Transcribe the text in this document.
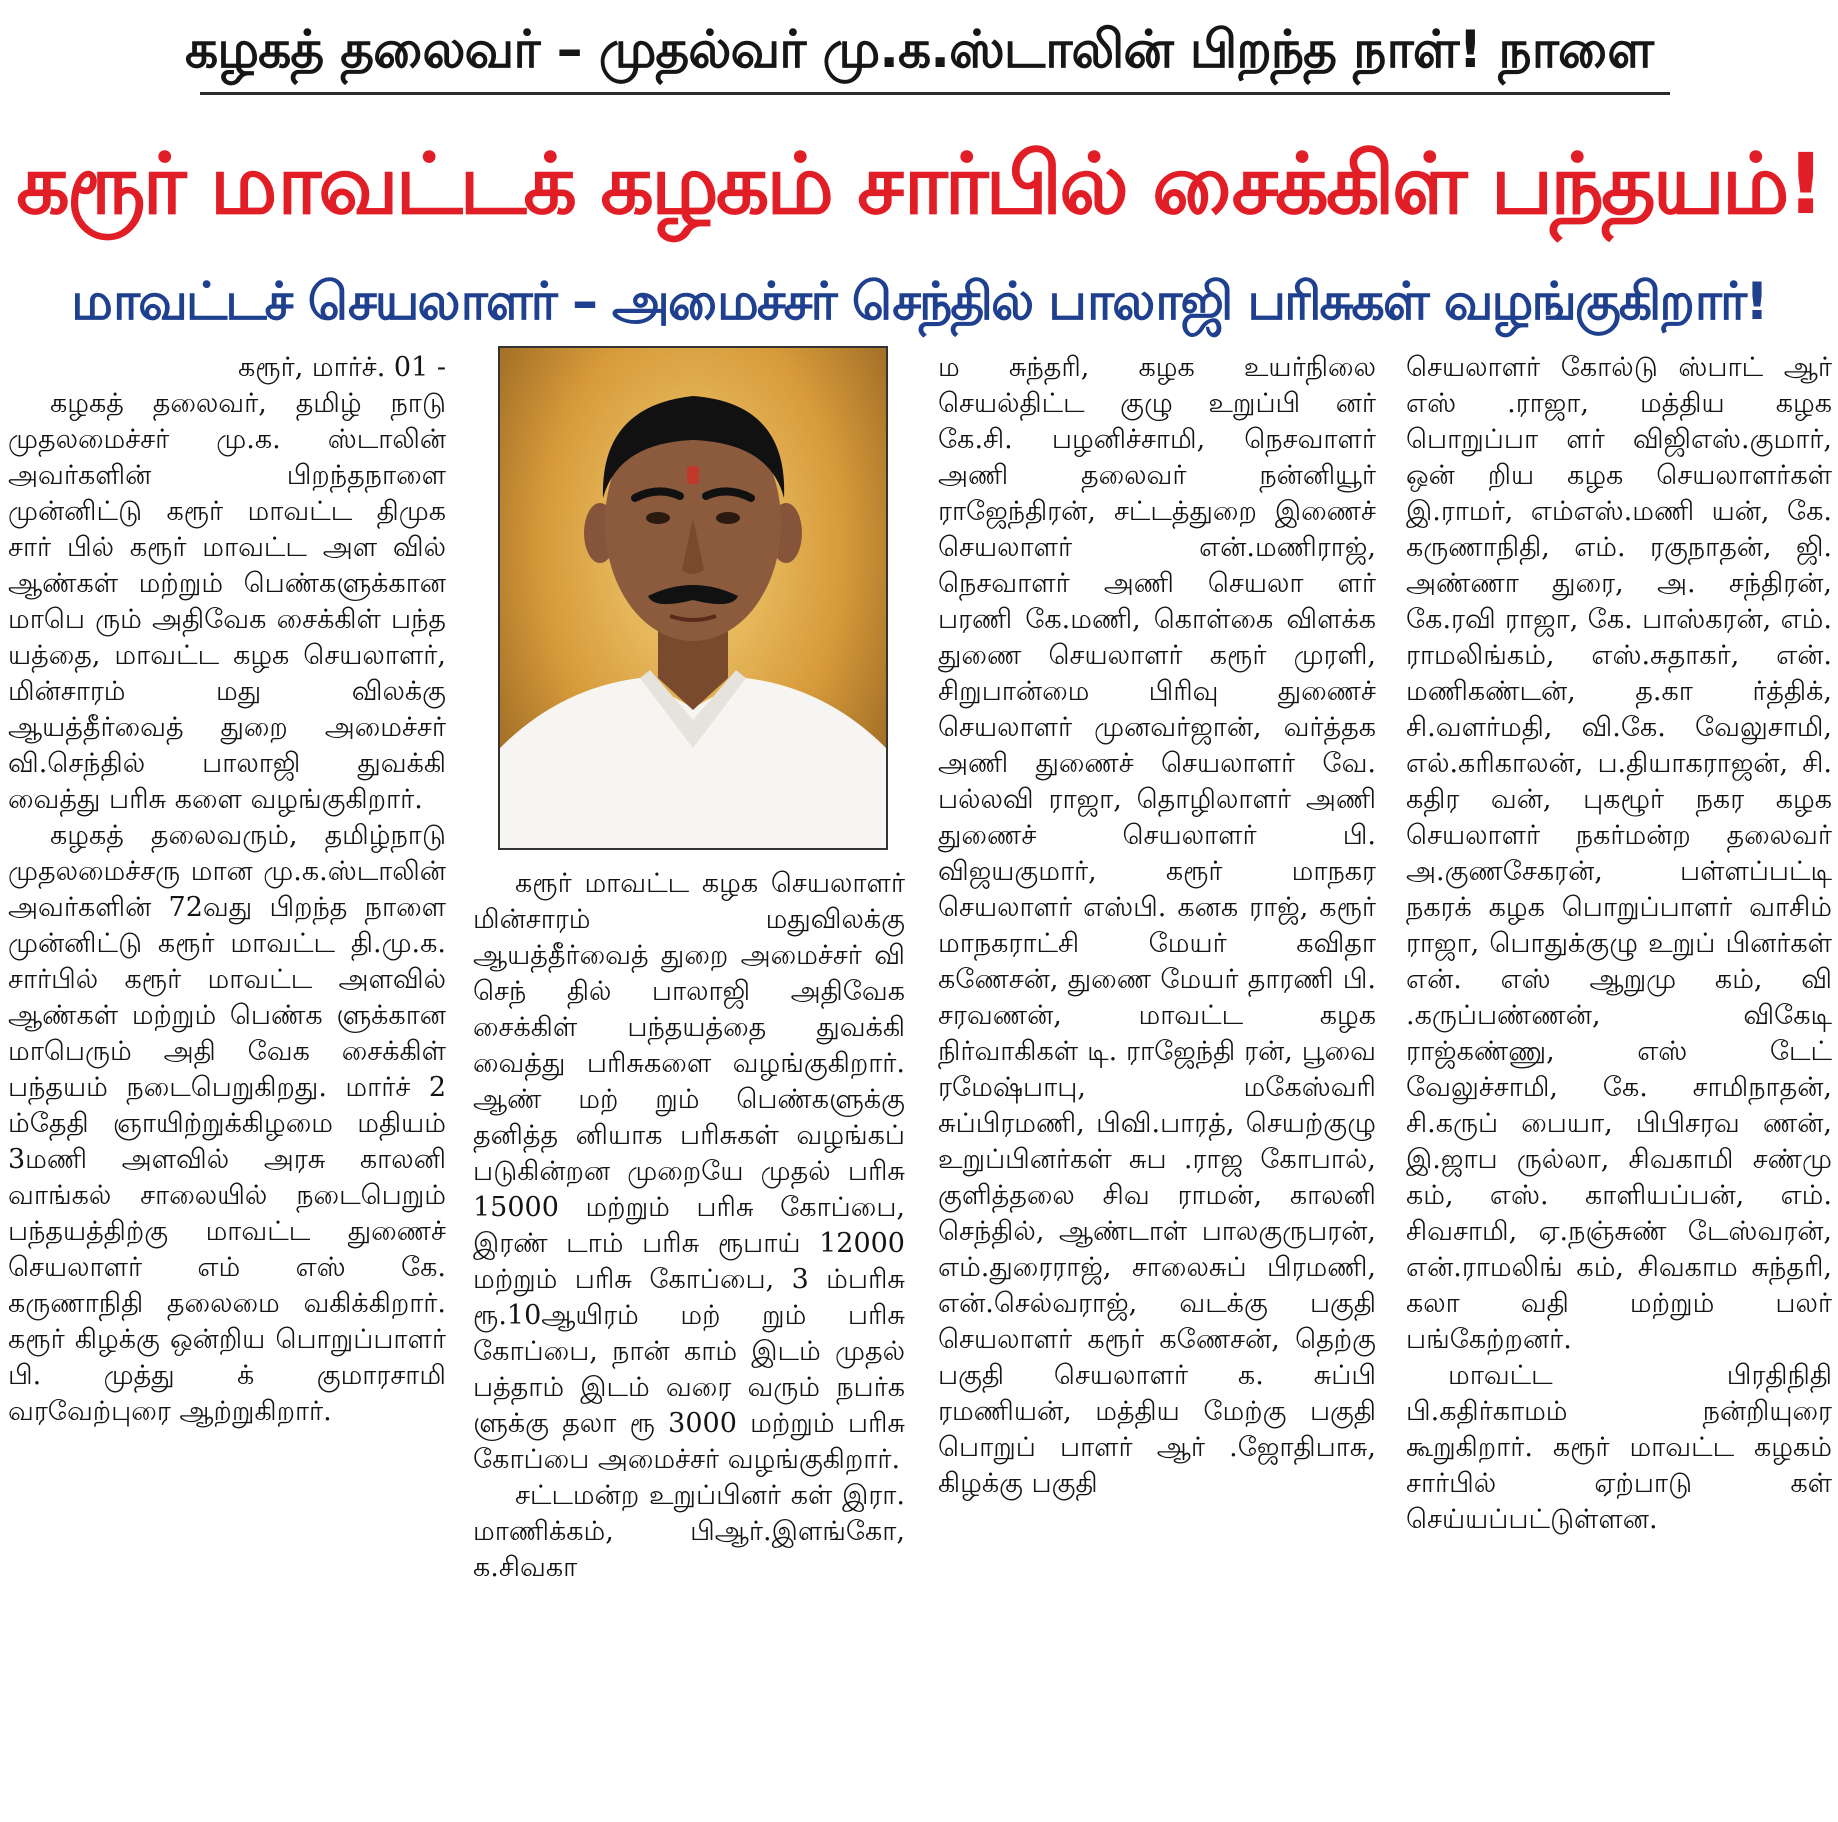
கழகத் தலைவர் – முதல்வர் மு.க.ஸ்டாலின் பிறந்த நாள்! நாளை
கரூர் மாவட்டக் கழகம் சார்பில் சைக்கிள் பந்தயம்!
மாவட்டச் செயலாளர் – அமைச்சர் செந்தில் பாலாஜி பரிசுகள் வழங்குகிறார்!

கரூர், மார்ச். 01 -

கழகத் தலைவர், தமிழ் நாடு முதலமைச்சர் மு.க. ஸ்டாலின் அவர்களின் பிறந்தநாளை முன்னிட்டு கரூர் மாவட்ட திமுக சார் பில் கரூர் மாவட்ட அள வில் ஆண்கள் மற்றும் பெண்களுக்கான மாபெ ரும் அதிவேக சைக்கிள் பந்த யத்தை, மாவட்ட கழக செயலாளர், மின்சாரம் மது விலக்கு ஆயத்தீர்வைத் துறை அமைச்சர் வி.செந்தில் பாலாஜி துவக்கி வைத்து பரிசு களை வழங்குகிறார்.

கழகத் தலைவரும், தமிழ்நாடு முதலமைச்சரு மான மு.க.ஸ்டாலின் அவர்களின் 72வது பிறந்த நாளை முன்னிட்டு கரூர் மாவட்ட தி.மு.க. சார்பில் கரூர் மாவட்ட அளவில் ஆண்கள் மற்றும் பெண்க ளுக்கான மாபெரும் அதி வேக சைக்கிள் பந்தயம் நடைபெறுகிறது. மார்ச் 2 ம்தேதி ஞாயிற்றுக்கிழமை மதியம் 3மணி அளவில் அரசு காலனி வாங்கல் சாலையில் நடைபெறும் பந்தயத்திற்கு மாவட்ட துணைச் செயலாளர் எம் எஸ் கே. கருணாநிதி தலைமை வகிக்கிறார். கரூர் கிழக்கு ஒன்றிய பொறுப்பாளர் பி. முத்து க் குமாரசாமி வரவேற்புரை ஆற்றுகிறார்.

கரூர் மாவட்ட கழக செயலாளர் மின்சாரம் மதுவிலக்கு ஆயத்தீர்வைத் துறை அமைச்சர் வி செந் தில் பாலாஜி அதிவேக சைக்கிள் பந்தயத்தை துவக்கி வைத்து பரிசுகளை வழங்குகிறார். ஆண் மற் றும் பெண்களுக்கு தனித்த னியாக பரிசுகள் வழங்கப் படுகின்றன முறையே முதல் பரிசு 15000 மற்றும் பரிசு கோப்பை, இரண் டாம் பரிசு ரூபாய் 12000 மற்றும் பரிசு கோப்பை, 3 ம்பரிசு ரூ.10ஆயிரம் மற் றும் பரிசு கோப்பை, நான் காம் இடம் முதல் பத்தாம் இடம் வரை வரும் நபர்க ளுக்கு தலா ரூ 3000 மற்றும் பரிசு கோப்பை அமைச்சர் வழங்குகிறார்.

சட்டமன்ற உறுப்பினர் கள் இரா. மாணிக்கம், பிஆர்.இளங்கோ, க.சிவகா

ம சுந்தரி, கழக உயர்நிலை செயல்திட்ட குழு உறுப்பி னர் கே.சி. பழனிச்சாமி, நெசவாளர் அணி தலைவர் நன்னியூர் ராஜேந்திரன், சட்டத்துறை இணைச் செயலாளர் என்.மணிராஜ், நெசவாளர் அணி செயலா ளர் பரணி கே.மணி, கொள்கை விளக்க துணை செயலாளர் கரூர் முரளி, சிறுபான்மை பிரிவு துணைச் செயலாளர் முனவர்ஜான், வர்த்தக அணி துணைச் செயலாளர் வே. பல்லவி ராஜா, தொழிலாளர் அணி துணைச் செயலாளர் பி. விஜயகுமார், கரூர் மாநகர செயலாளர் எஸ்பி. கனக ராஜ், கரூர் மாநகராட்சி மேயர் கவிதா கணேசன், துணை மேயர் தாரணி பி. சரவணன், மாவட்ட கழக நிர்வாகிகள் டி. ராஜேந்தி ரன், பூவை ரமேஷ்பாபு, மகேஸ்வரி சுப்பிரமணி, பிவி.பாரத், செயற்குழு உறுப்பினர்கள் சுப .ராஜ கோபால், குளித்தலை சிவ ராமன், காலனி செந்தில், ஆண்டாள் பாலகுருபரன், எம்.துரைராஜ், சாலைசுப் பிரமணி, என்.செல்வராஜ், வடக்கு பகுதி செயலாளர் கரூர் கணேசன், தெற்கு பகுதி செயலாளர் க. சுப்பி ரமணியன், மத்திய மேற்கு பகுதி பொறுப் பாளர் ஆர் .ஜோதிபாசு, கிழக்கு பகுதி

செயலாளர் கோல்டு ஸ்பாட் ஆர் எஸ் .ராஜா, மத்திய கழக பொறுப்பா ளர் விஜிஎஸ்.குமார், ஒன் றிய கழக செயலாளர்கள் இ.ராமர், எம்எஸ்.மணி யன், கே. கருணாநிதி, எம். ரகுநாதன், ஜி. அண்ணா துரை, அ. சந்திரன், கே.ரவி ராஜா, கே. பாஸ்கரன், எம். ராமலிங்கம், எஸ்.சுதாகர், என். மணிகண்டன், த.கா ர்த்திக், சி.வளர்மதி, வி.கே. வேலுசாமி, எல்.கரிகாலன், ப.தியாகராஜன், சி. கதிர வன், புகழூர் நகர கழக செயலாளர் நகர்மன்ற தலைவர் அ.குணசேகரன், பள்ளப்பட்டி நகரக் கழக பொறுப்பாளர் வாசிம் ராஜா, பொதுக்குழு உறுப் பினர்கள் என். எஸ் ஆறுமு கம், வி .கருப்பண்ணன், விகேடி ராஜ்கண்ணு, எஸ் டேட் வேலுச்சாமி, கே. சாமிநாதன், சி.கருப் பையா, பிபிசரவ ணன், இ.ஜாப ருல்லா, சிவகாமி சண்மு கம், எஸ். காளியப்பன், எம். சிவசாமி, ஏ.நஞ்சுண் டேஸ்வரன், என்.ராமலிங் கம், சிவகாம சுந்தரி, கலா வதி மற்றும் பலர் பங்கேற்றனர்.

மாவட்ட பிரதிநிதி பி.கதிர்காமம் நன்றியுரை கூறுகிறார். கரூர் மாவட்ட கழகம் சார்பில் ஏற்பாடு கள் செய்யப்பட்டுள்ளன.
